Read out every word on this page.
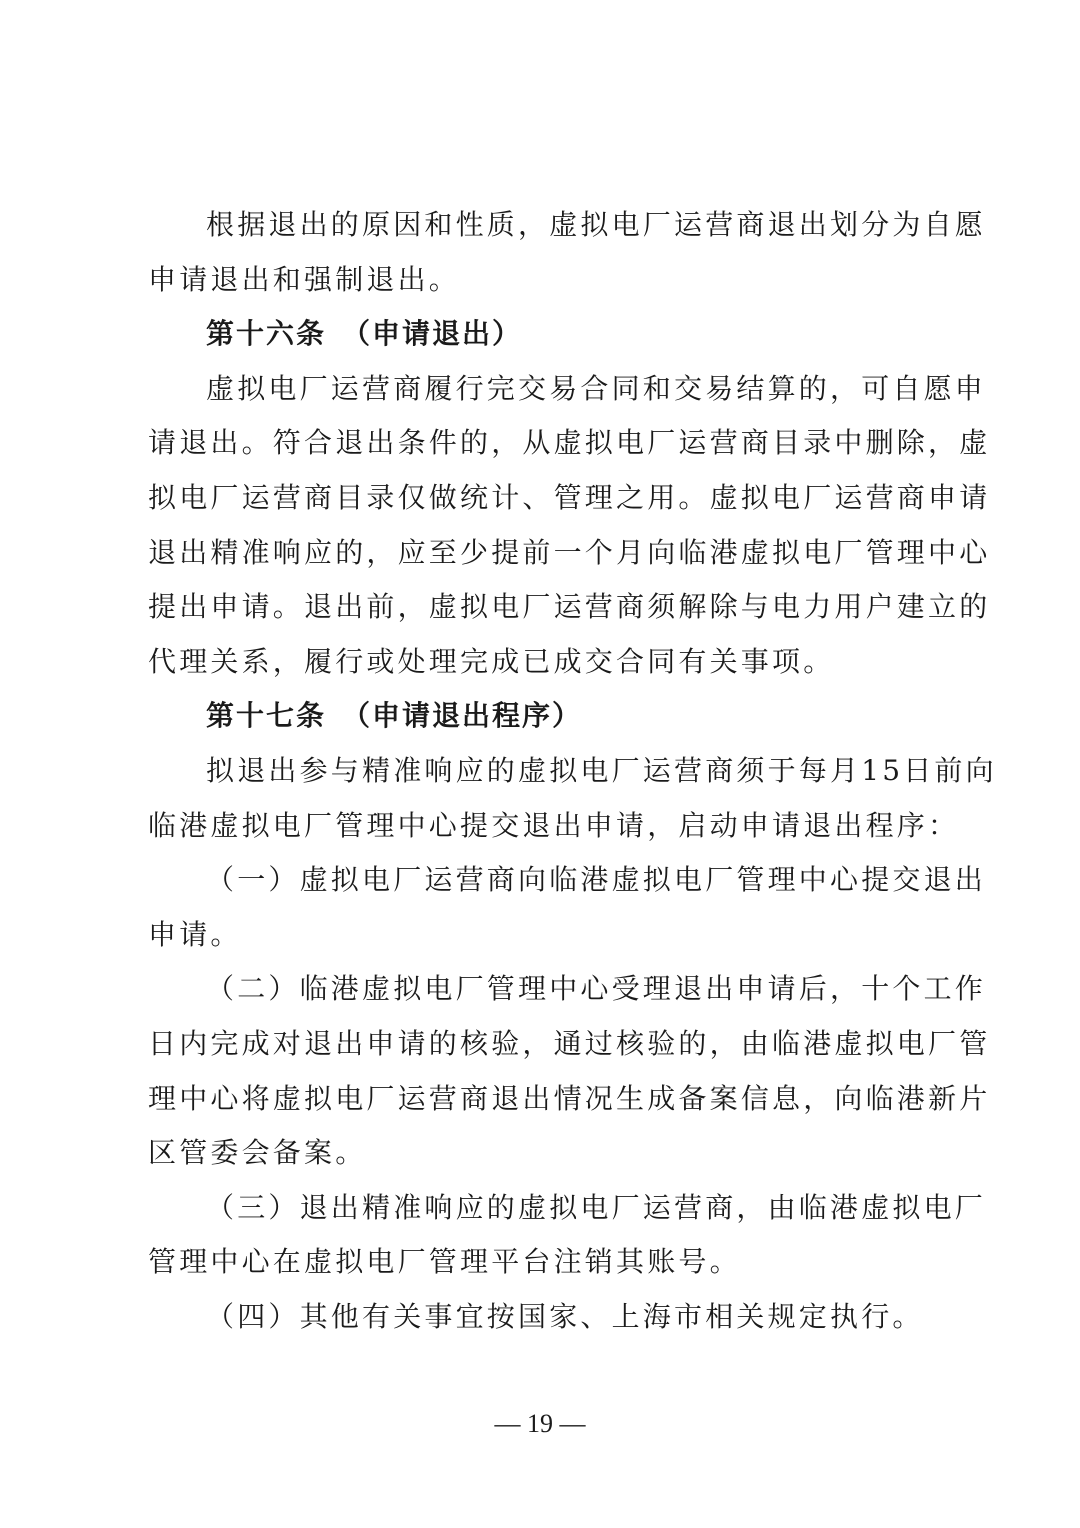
根据退出的原因和性质，虚拟电厂运营商退出划分为自愿

申请退出和强制退出。

第十六条 （申请退出）

虚拟电厂运营商履行完交易合同和交易结算的，可自愿申

请退出。符合退出条件的，从虚拟电厂运营商目录中删除，虚

拟电厂运营商目录仅做统计、管理之用。虚拟电厂运营商申请

退出精准响应的，应至少提前一个月向临港虚拟电厂管理中心

提出申请。退出前，虚拟电厂运营商须解除与电力用户建立的

代理关系，履行或处理完成已成交合同有关事项。

第十七条 （申请退出程序）

拟退出参与精准响应的虚拟电厂运营商须于每月15日前向

临港虚拟电厂管理中心提交退出申请，启动申请退出程序：

（一）虚拟电厂运营商向临港虚拟电厂管理中心提交退出

申请。

（二）临港虚拟电厂管理中心受理退出申请后，十个工作

日内完成对退出申请的核验，通过核验的，由临港虚拟电厂管

理中心将虚拟电厂运营商退出情况生成备案信息，向临港新片

区管委会备案。

（三）退出精准响应的虚拟电厂运营商，由临港虚拟电厂

管理中心在虚拟电厂管理平台注销其账号。

（四）其他有关事宜按国家、上海市相关规定执行。

— 19 —
